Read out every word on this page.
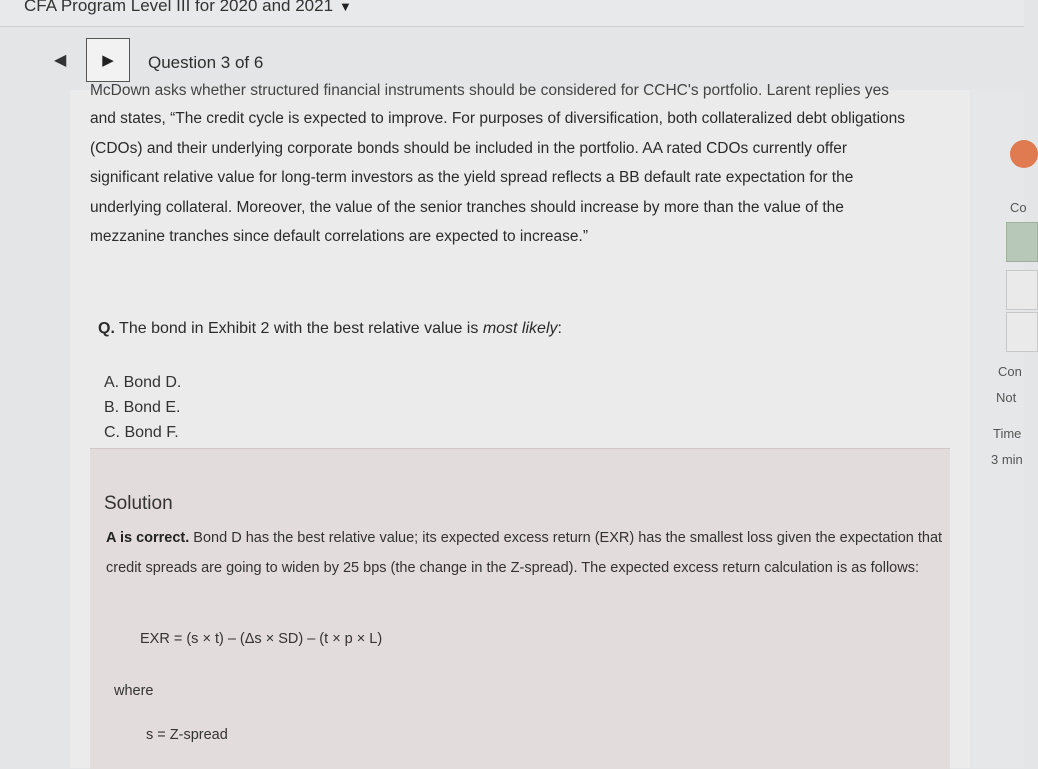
CFA Program Level III for 2020 and 2021 ▼
◀ ▶ Question 3 of 6
McDown asks whether structured financial instruments should be considered for CCHC's portfolio. Larent replies yes
and states, “The credit cycle is expected to improve. For purposes of diversification, both collateralized debt obligations
(CDOs) and their underlying corporate bonds should be included in the portfolio. AA rated CDOs currently offer
significant relative value for long-term investors as the yield spread reflects a BB default rate expectation for the
underlying collateral. Moreover, the value of the senior tranches should increase by more than the value of the
mezzanine tranches since default correlations are expected to increase.”
Q. The bond in Exhibit 2 with the best relative value is most likely:
A. Bond D.
B. Bond E.
C. Bond F.
Solution
A is correct. Bond D has the best relative value; its expected excess return (EXR) has the smallest loss given the expectation that credit spreads are going to widen by 25 bps (the change in the Z-spread). The expected excess return calculation is as follows:
EXR = (s × t) – (Δs × SD) – (t × p × L)
where
s = Z-spread
Co
Con
Not
Time
3 min
